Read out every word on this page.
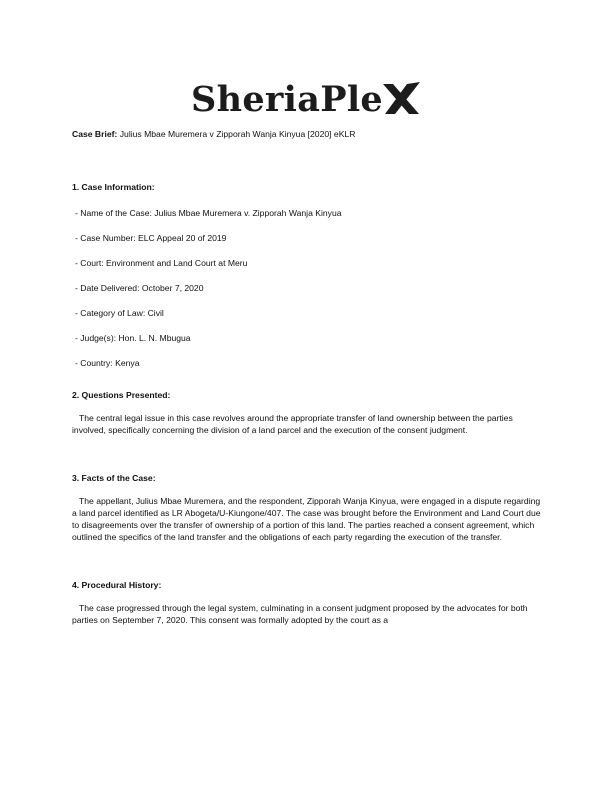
SheriaPle

Case Brief: Julius Mbae Muremera v Zipporah Wanja Kinyua [2020] eKLR

1. Case Information:

- Name of the Case: Julius Mbae Muremera v. Zipporah Wanja Kinyua

- Case Number: ELC Appeal 20 of 2019

- Court: Environment and Land Court at Meru

- Date Delivered: October 7, 2020

- Category of Law: Civil

- Judge(s): Hon. L. N. Mbugua

- Country: Kenya

2. Questions Presented:

The central legal issue in this case revolves around the appropriate transfer of land ownership between the parties involved, specifically concerning the division of a land parcel and the execution of the consent judgment.

3. Facts of the Case:

The appellant, Julius Mbae Muremera, and the respondent, Zipporah Wanja Kinyua, were engaged in a dispute regarding a land parcel identified as LR Abogeta/U-Kiungone/407. The case was brought before the Environment and Land Court due to disagreements over the transfer of ownership of a portion of this land. The parties reached a consent agreement, which outlined the specifics of the land transfer and the obligations of each party regarding the execution of the transfer.

4. Procedural History:

The case progressed through the legal system, culminating in a consent judgment proposed by the advocates for both parties on September 7, 2020. This consent was formally adopted by the court as a
